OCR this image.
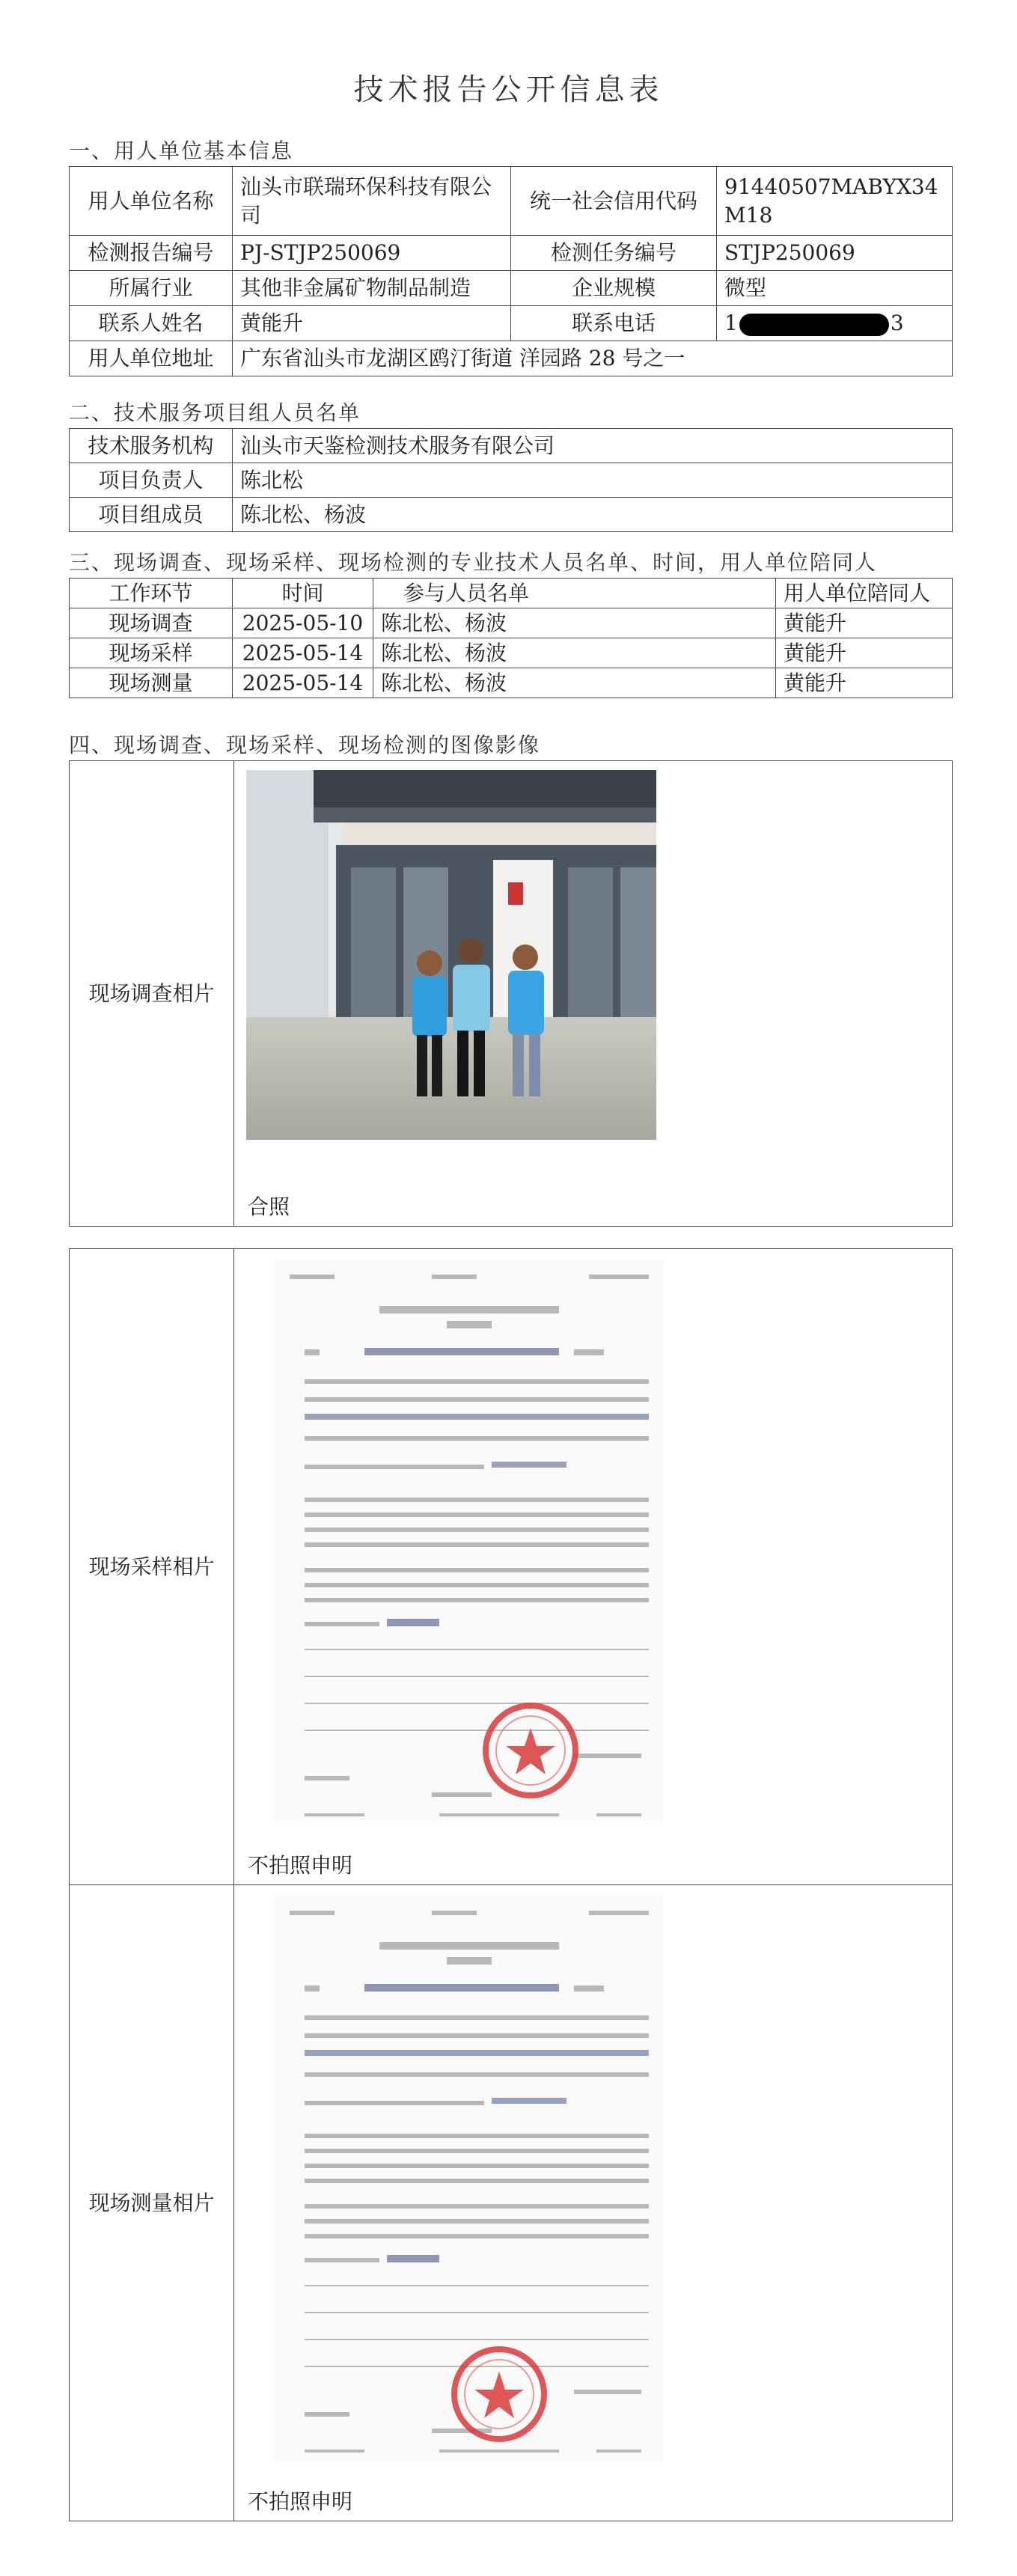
技术报告公开信息表
一、用人单位基本信息
用人单位名称	汕头市联瑞环保科技有限公司	统一社会信用代码	91440507MABYX34M18
检测报告编号	PJ-STJP250069	检测任务编号	STJP250069
所属行业	其他非金属矿物制品制造	企业规模	微型
联系人姓名	黄能升	联系电话	1 3
用人单位地址	广东省汕头市龙湖区鸥汀街道 洋园路 28 号之一		
二、技术服务项目组人员名单
技术服务机构	汕头市天鉴检测技术服务有限公司
项目负责人	陈北松
项目组成员	陈北松、杨波
三、现场调查、现场采样、现场检测的专业技术人员名单、时间，用人单位陪同人
工作环节	时间	参与人员名单	用人单位陪同人
现场调查	2025-05-10	陈北松、杨波	黄能升
现场采样	2025-05-14	陈北松、杨波	黄能升
现场测量	2025-05-14	陈北松、杨波	黄能升
四、现场调查、现场采样、现场检测的图像影像
现场调查相片	
合照
现场采样相片	不拍照申明

现场测量相片	不拍照申明
